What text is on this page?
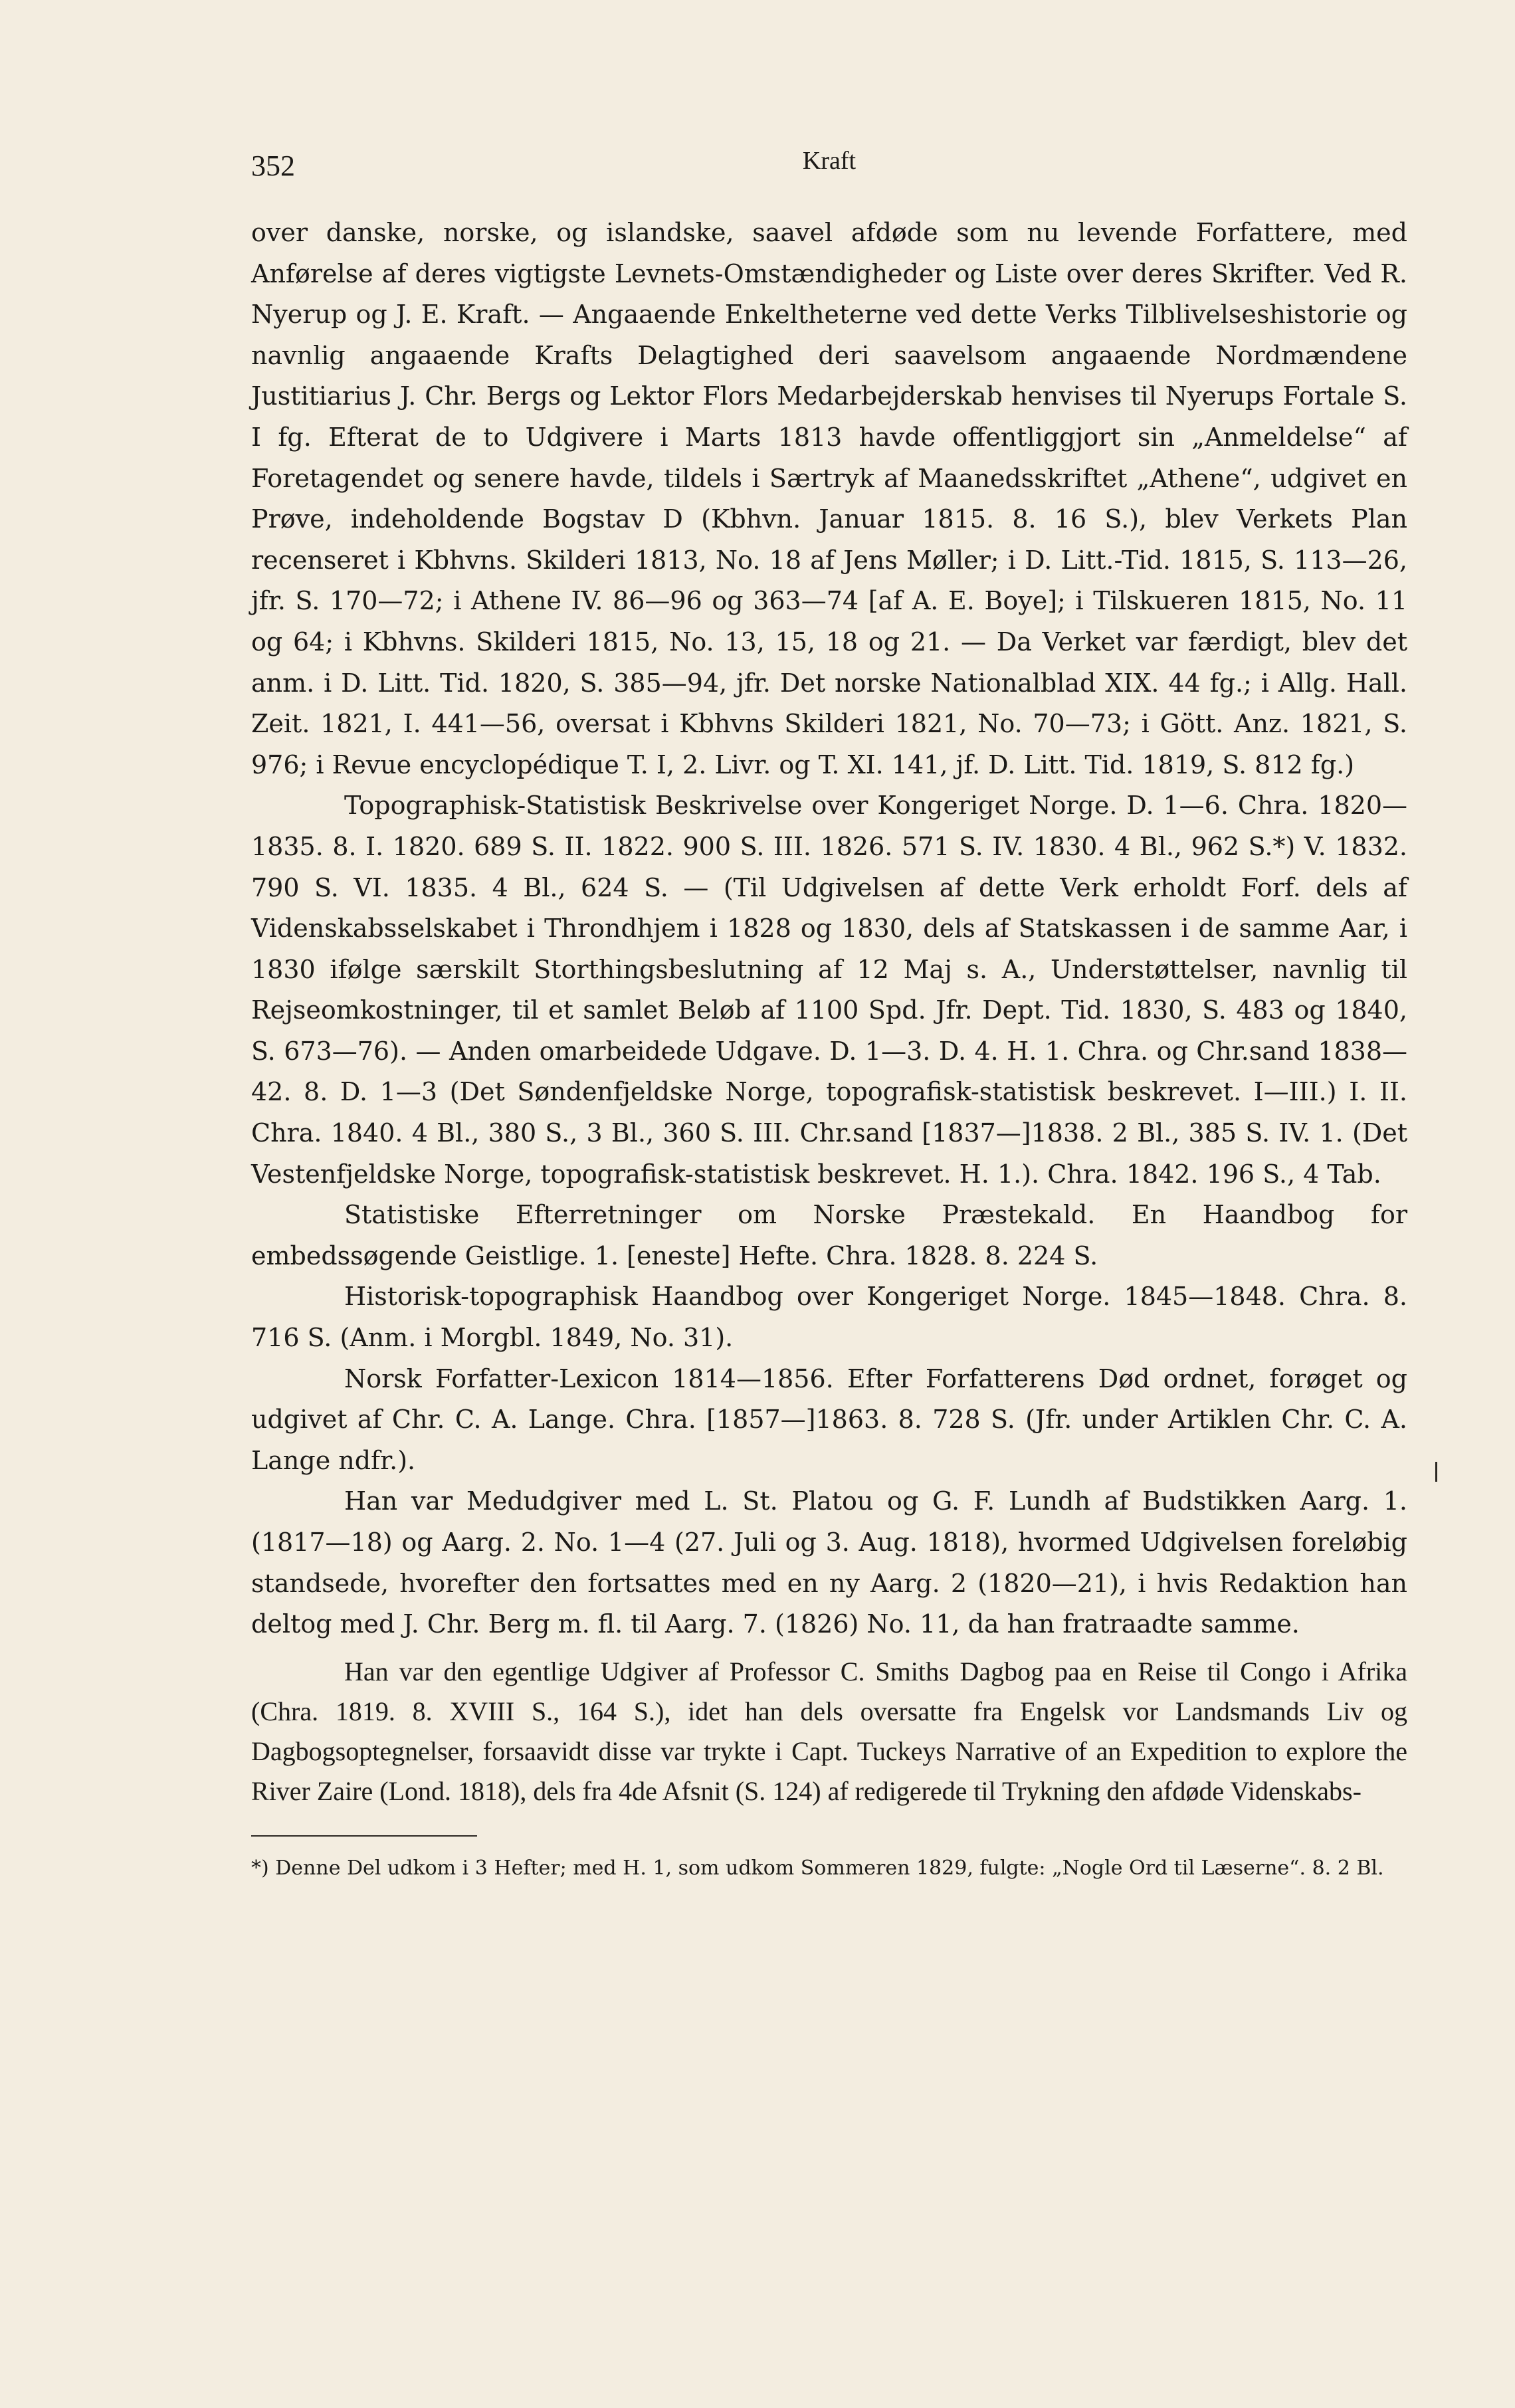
352	Kraft

over danske, norske, og islandske, saavel afdøde som nu levende Forfattere, med Anførelse af deres vigtigste Levnets-Omstændigheder og Liste over deres Skrifter. Ved R. Nyerup og J. E. Kraft. — Angaaende Enkeltheterne ved dette Verks Tilblivelseshistorie og navnlig angaaende Krafts Delagtighed deri saavelsom angaaende Nordmændene Justitiarius J. Chr. Bergs og Lektor Flors Medarbejderskab henvises til Nyerups Fortale S. I fg. Efterat de to Udgivere i Marts 1813 havde offentliggjort sin „Anmeldelse“ af Foretagendet og senere havde, tildels i Særtryk af Maanedsskriftet „Athene“, udgivet en Prøve, indeholdende Bogstav D (Kbhvn. Januar 1815. 8. 16 S.), blev Verkets Plan recenseret i Kbhvns. Skilderi 1813, No. 18 af Jens Møller; i D. Litt.-Tid. 1815, S. 113—26, jfr. S. 170—72; i Athene IV. 86—96 og 363—74 [af A. E. Boye]; i Tilskueren 1815, No. 11 og 64; i Kbhvns. Skilderi 1815, No. 13, 15, 18 og 21. — Da Verket var færdigt, blev det anm. i D. Litt. Tid. 1820, S. 385—94, jfr. Det norske Nationalblad XIX. 44 fg.; i Allg. Hall. Zeit. 1821, I. 441—56, oversat i Kbhvns Skilderi 1821, No. 70—73; i Gött. Anz. 1821, S. 976; i Revue encyclopédique T. I, 2. Livr. og T. XI. 141, jf. D. Litt. Tid. 1819, S. 812 fg.)

Topographisk-Statistisk Beskrivelse over Kongeriget Norge. D. 1—6. Chra. 1820—1835. 8. I. 1820. 689 S. II. 1822. 900 S. III. 1826. 571 S. IV. 1830. 4 Bl., 962 S.*) V. 1832. 790 S. VI. 1835. 4 Bl., 624 S. — (Til Udgivelsen af dette Verk erholdt Forf. dels af Videnskabsselskabet i Throndhjem i 1828 og 1830, dels af Statskassen i de samme Aar, i 1830 ifølge særskilt Storthingsbeslutning af 12 Maj s. A., Understøttelser, navnlig til Rejseomkostninger, til et samlet Beløb af 1100 Spd. Jfr. Dept. Tid. 1830, S. 483 og 1840, S. 673—76). — Anden omarbeidede Udgave. D. 1—3. D. 4. H. 1. Chra. og Chr.sand 1838—42. 8. D. 1—3 (Det Søndenfjeldske Norge, topografisk-statistisk beskrevet. I—III.) I. II. Chra. 1840. 4 Bl., 380 S., 3 Bl., 360 S. III. Chr.sand [1837—]1838. 2 Bl., 385 S. IV. 1. (Det Vestenfjeldske Norge, topografisk-statistisk beskrevet. H. 1.). Chra. 1842. 196 S., 4 Tab.

Statistiske Efterretninger om Norske Præstekald. En Haandbog for embedssøgende Geistlige. 1. [eneste] Hefte. Chra. 1828. 8. 224 S.

Historisk-topographisk Haandbog over Kongeriget Norge. 1845—1848. Chra. 8. 716 S. (Anm. i Morgbl. 1849, No. 31).

Norsk Forfatter-Lexicon 1814—1856. Efter Forfatterens Død ordnet, forøget og udgivet af Chr. C. A. Lange. Chra. [1857—]1863. 8. 728 S. (Jfr. under Artiklen Chr. C. A. Lange ndfr.).

Han var Medudgiver med L. St. Platou og G. F. Lundh af Budstikken Aarg. 1. (1817—18) og Aarg. 2. No. 1—4 (27. Juli og 3. Aug. 1818), hvormed Udgivelsen foreløbig standsede, hvorefter den fortsattes med en ny Aarg. 2 (1820—21), i hvis Redaktion han deltog med J. Chr. Berg m. fl. til Aarg. 7. (1826) No. 11, da han fratraadte samme.

Han var den egentlige Udgiver af Professor C. Smiths Dagbog paa en Reise til Congo i Afrika (Chra. 1819. 8. XVIII S., 164 S.), idet han dels oversatte fra Engelsk vor Landsmands Liv og Dagbogsoptegnelser, forsaavidt disse var trykte i Capt. Tuckeys Narrative of an Expedition to explore the River Zaire (Lond. 1818), dels fra 4de Afsnit (S. 124) af redigerede til Trykning den afdøde Videnskabs-

*) Denne Del udkom i 3 Hefter; med H. 1, som udkom Sommeren 1829, fulgte: „Nogle Ord til Læserne“. 8. 2 Bl.
